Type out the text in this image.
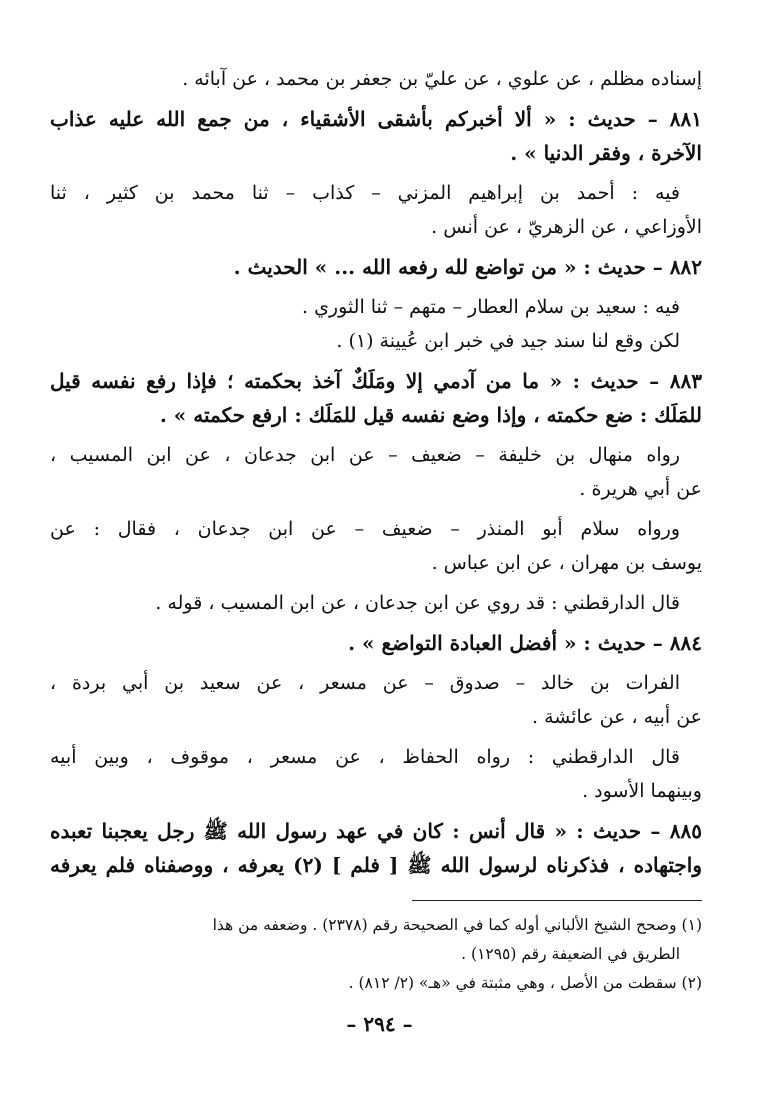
إسناده مظلم ، عن علوي ، عن عليّ بن جعفر بن محمد ، عن آبائه .
٨٨١ – حديث : « ألا أخبركم بأشقى الأشقياء ، من جمع الله عليه عذاب
الآخرة ، وفقر الدنيا » .
فيه : أحمد بن إبراهيم المزني – كذاب – ثنا محمد بن كثير ، ثنا
الأوزاعي ، عن الزهريّ ، عن أنس .
٨٨٢ – حديث : « من تواضع لله رفعه الله ... » الحديث .
فيه : سعيد بن سلام العطار – متهم – ثنا الثوري .
لكن وقع لنا سند جيد في خبر ابن عُيينة (١) .
٨٨٣ – حديث : « ما من آدمي إلا ومَلَكٌ آخذ بحكمته ؛ فإذا رفع نفسه قيل
للمَلَك : ضع حكمته ، وإذا وضع نفسه قيل للمَلَك : ارفع حكمته » .
رواه منهال بن خليفة – ضعيف – عن ابن جدعان ، عن ابن المسيب ،
عن أبي هريرة .
ورواه سلام أبو المنذر – ضعيف – عن ابن جدعان ، فقال : عن
يوسف بن مهران ، عن ابن عباس .
قال الدارقطني : قد روي عن ابن جدعان ، عن ابن المسيب ، قوله .
٨٨٤ – حديث : « أفضل العبادة التواضع » .
الفرات بن خالد – صدوق – عن مسعر ، عن سعيد بن أبي بردة ،
عن أبيه ، عن عائشة .
قال الدارقطني : رواه الحفاظ ، عن مسعر ، موقوف ، وبين أبيه
وبينهما الأسود .
٨٨٥ – حديث : « قال أنس : كان في عهد رسول الله ﷺ رجل يعجبنا تعبده
واجتهاده ، فذكرناه لرسول الله ﷺ [ فلم ] (٢) يعرفه ، ووصفناه فلم يعرفه
(١) وصحح الشيخ الألباني أوله كما في الصحيحة رقم (٢٣٧٨) . وضعفه من هذا
الطريق في الضعيفة رقم (١٢٩٥) .
(٢) سقطت من الأصل ، وهي مثبتة في «هـ» (٢/ ٨١٢) .
– ٢٩٤ –
